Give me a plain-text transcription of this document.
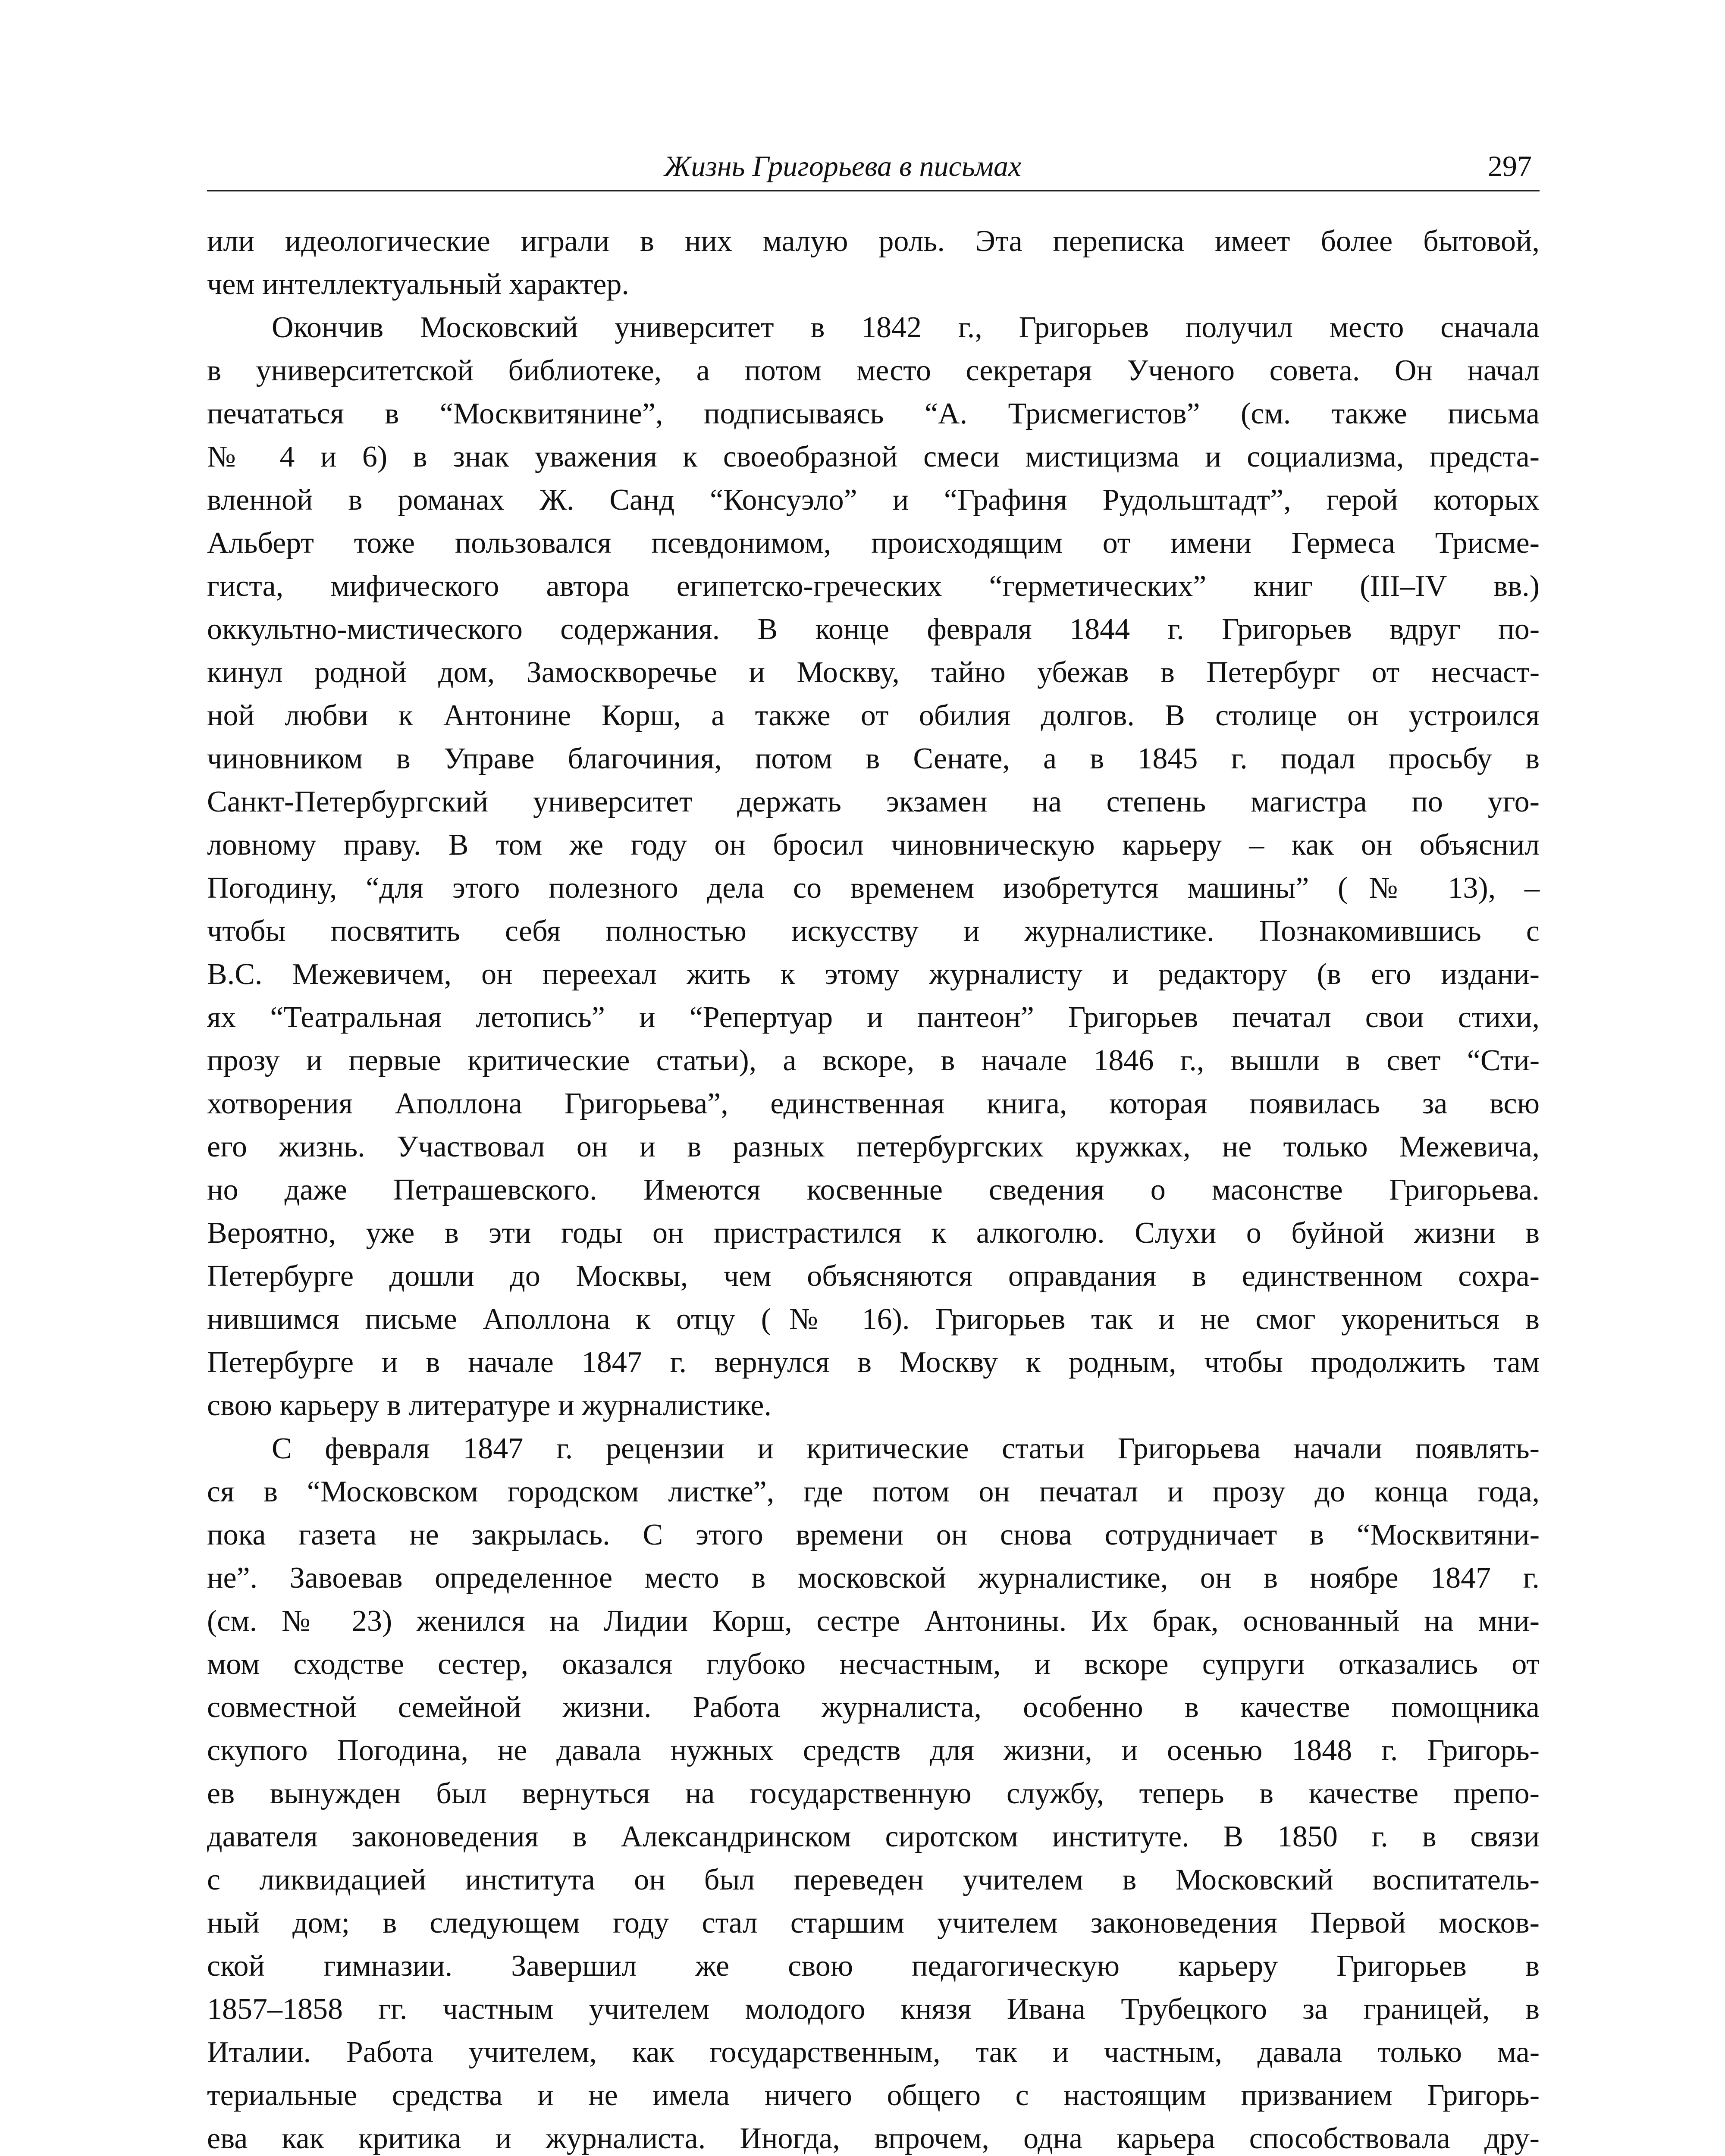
Жизнь Григорьева в письмах	297
или идеологические играли в них малую роль. Эта переписка имеет более бытовой,
чем интеллектуальный характер.
Окончив Московский университет в 1842 г., Григорьев получил место сначала
в университетской библиотеке, а потом место секретаря Ученого совета. Он начал
печататься в “Москвитянине”, подписываясь “А. Трисмегистов” (см. также письма
№ 4 и 6) в знак уважения к своеобразной смеси мистицизма и социализма, предста-
вленной в романах Ж. Санд “Консуэло” и “Графиня Рудольштадт”, герой которых
Альберт тоже пользовался псевдонимом, происходящим от имени Гермеса Трисме-
гиста, мифического автора египетско-греческих “герметических” книг (III–IV вв.)
оккультно-мистического содержания. В конце февраля 1844 г. Григорьев вдруг по-
кинул родной дом, Замоскворечье и Москву, тайно убежав в Петербург от несчаст-
ной любви к Антонине Корш, а также от обилия долгов. В столице он устроился
чиновником в Управе благочиния, потом в Сенате, а в 1845 г. подал просьбу в
Санкт-Петербургский университет держать экзамен на степень магистра по уго-
ловному праву. В том же году он бросил чиновническую карьеру – как он объяснил
Погодину, “для этого полезного дела со временем изобретутся машины” (№ 13), –
чтобы посвятить себя полностью искусству и журналистике. Познакомившись с
В.С. Межевичем, он переехал жить к этому журналисту и редактору (в его издани-
ях “Театральная летопись” и “Репертуар и пантеон” Григорьев печатал свои стихи,
прозу и первые критические статьи), а вскоре, в начале 1846 г., вышли в свет “Сти-
хотворения Аполлона Григорьева”, единственная книга, которая появилась за всю
его жизнь. Участвовал он и в разных петербургских кружках, не только Межевича,
но даже Петрашевского. Имеются косвенные сведения о масонстве Григорьева.
Вероятно, уже в эти годы он пристрастился к алкоголю. Слухи о буйной жизни в
Петербурге дошли до Москвы, чем объясняются оправдания в единственном сохра-
нившимся письме Аполлона к отцу (№ 16). Григорьев так и не смог укорениться в
Петербурге и в начале 1847 г. вернулся в Москву к родным, чтобы продолжить там
свою карьеру в литературе и журналистике.
С февраля 1847 г. рецензии и критические статьи Григорьева начали появлять-
ся в “Московском городском листке”, где потом он печатал и прозу до конца года,
пока газета не закрылась. С этого времени он снова сотрудничает в “Москвитяни-
не”. Завоевав определенное место в московской журналистике, он в ноябре 1847 г.
(см. № 23) женился на Лидии Корш, сестре Антонины. Их брак, основанный на мни-
мом сходстве сестер, оказался глубоко несчастным, и вскоре супруги отказались от
совместной семейной жизни. Работа журналиста, особенно в качестве помощника
скупого Погодина, не давала нужных средств для жизни, и осенью 1848 г. Григорь-
ев вынужден был вернуться на государственную службу, теперь в качестве препо-
давателя законоведения в Александринском сиротском институте. В 1850 г. в связи
с ликвидацией института он был переведен учителем в Московский воспитатель-
ный дом; в следующем году стал старшим учителем законоведения Первой москов-
ской гимназии. Завершил же свою педагогическую карьеру Григорьев в
1857–1858 гг. частным учителем молодого князя Ивана Трубецкого за границей, в
Италии. Работа учителем, как государственным, так и частным, давала только ма-
териальные средства и не имела ничего общего с настоящим призванием Григорь-
ева как критика и журналиста. Иногда, впрочем, одна карьера способствовала дру-
